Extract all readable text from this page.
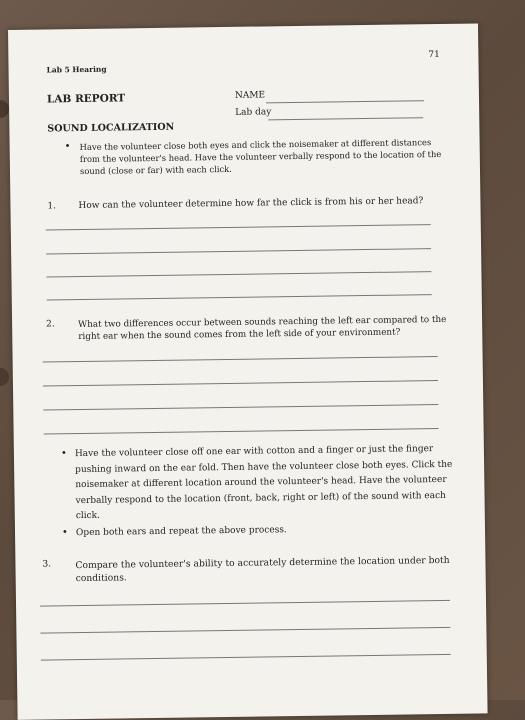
Lab 5 Hearing
71
LAB REPORT	NAME
Lab day
SOUND LOCALIZATION
• Have the volunteer close both eyes and click the noisemaker at different distances from the volunteer's head. Have the volunteer verbally respond to the location of the sound (close or far) with each click.
1. How can the volunteer determine how far the click is from his or her head?
2.	What two differences occur between sounds reaching the left ear compared to the right ear when the sound comes from the left side of your environment?
• Have the volunteer close off one ear with cotton and a finger or just the finger pushing inward on the ear fold. Then have the volunteer close both eyes. Click the noisemaker at different location around the volunteer's head. Have the volunteer verbally respond to the location (front, back, right or left) of the sound with each click.
• Open both ears and repeat the above process.
3.	Compare the volunteer's ability to accurately determine the location under both conditions.
